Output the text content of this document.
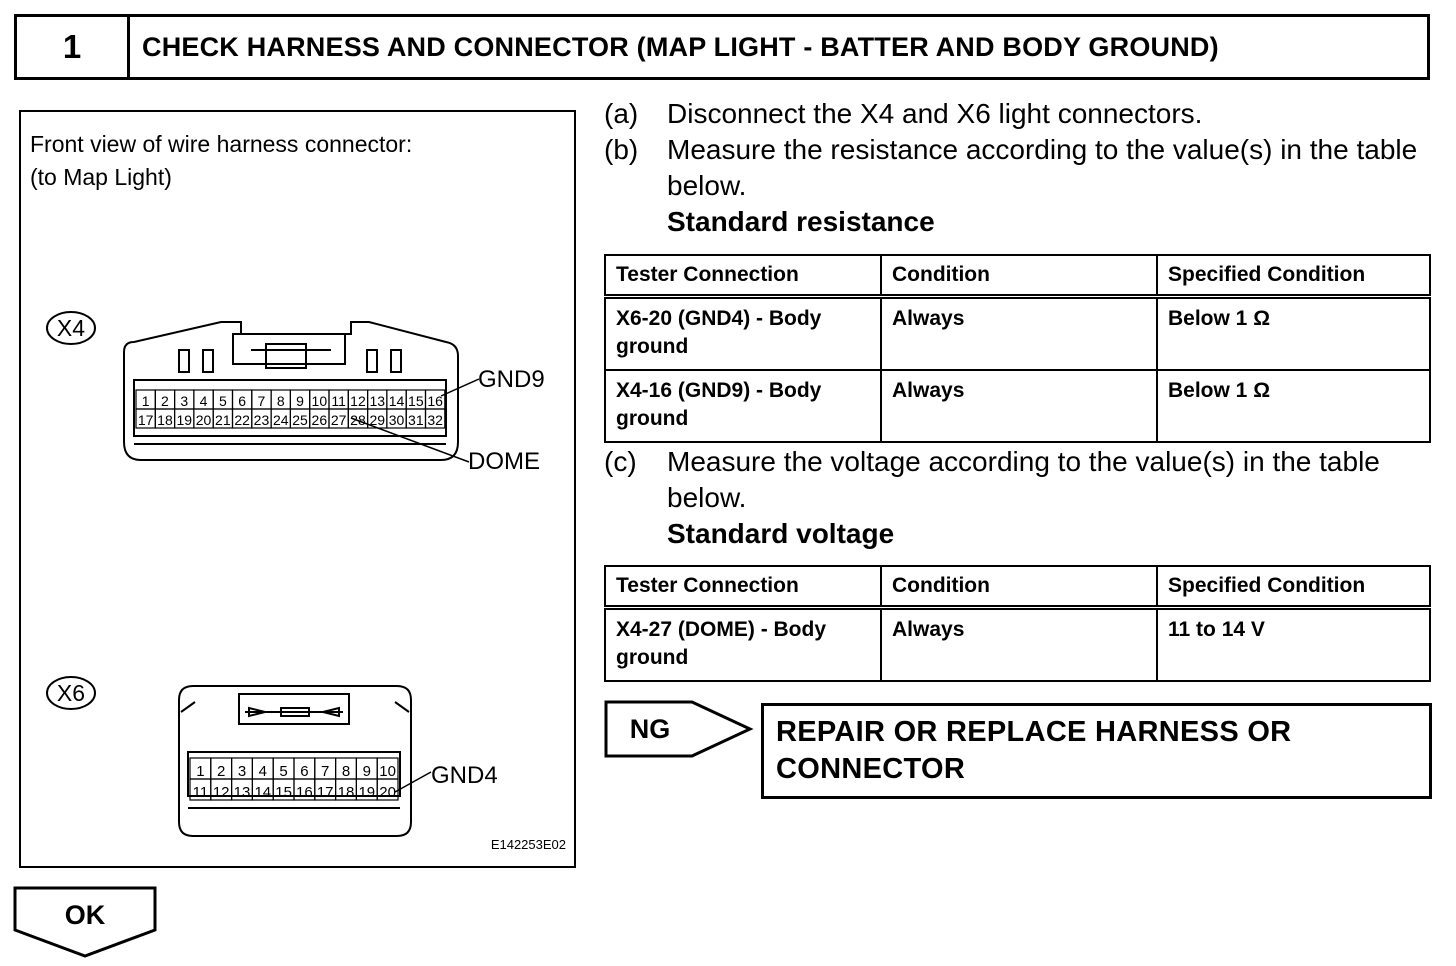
1	CHECK HARNESS AND CONNECTOR (MAP LIGHT - BATTER AND BODY GROUND)
Front view of wire harness connector:
(to Map Light)
1 2 3 4 5 6 7 8 9 10 11 12 13 14 15 16
17 18 19 20 21 22 23 24 25 26 27 28 29 30 31 32
1 2 3 4 5 6 7 8 9 10
11 12 13 14 15 16 17 18 19 20
X4
X6
GND9
DOME
GND4
E142253E02
(a) Disconnect the X4 and X6 light connectors.
(b) Measure the resistance according to the value(s) in the table below.
Standard resistance
Tester Connection	Condition	Specified Condition
X6-20 (GND4) - Body ground	Always	Below 1 Ω
X4-16 (GND9) - Body ground	Always	Below 1 Ω
(c) Measure the voltage according to the value(s) in the table below.
Standard voltage
Tester Connection	Condition	Specified Condition
X4-27 (DOME) - Body ground	Always	11 to 14 V
NG	REPAIR OR REPLACE HARNESS OR CONNECTOR
OK
